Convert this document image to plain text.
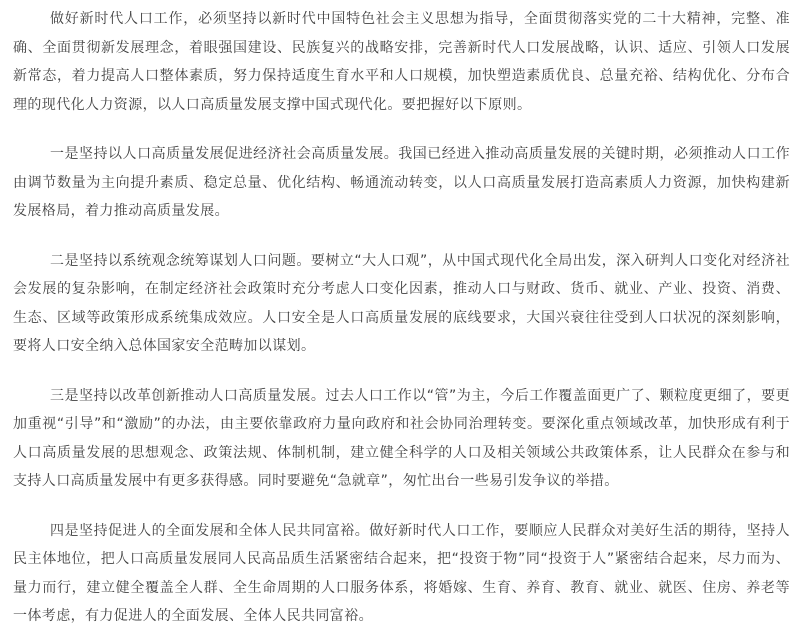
做好新时代人口工作，必须坚持以新时代中国特色社会主义思想为指导，全面贯彻落实党的二十大精神，完整、准确、全面贯彻新发展理念，着眼强国建设、民族复兴的战略安排，完善新时代人口发展战略，认识、适应、引领人口发展新常态，着力提高人口整体素质，努力保持适度生育水平和人口规模，加快塑造素质优良、总量充裕、结构优化、分布合理的现代化人力资源，以人口高质量发展支撑中国式现代化。要把握好以下原则。

一是坚持以人口高质量发展促进经济社会高质量发展。我国已经进入推动高质量发展的关键时期，必须推动人口工作由调节数量为主向提升素质、稳定总量、优化结构、畅通流动转变，以人口高质量发展打造高素质人力资源，加快构建新发展格局，着力推动高质量发展。

二是坚持以系统观念统筹谋划人口问题。要树立“大人口观”，从中国式现代化全局出发，深入研判人口变化对经济社会发展的复杂影响，在制定经济社会政策时充分考虑人口变化因素，推动人口与财政、货币、就业、产业、投资、消费、生态、区域等政策形成系统集成效应。人口安全是人口高质量发展的底线要求，大国兴衰往往受到人口状况的深刻影响，要将人口安全纳入总体国家安全范畴加以谋划。

三是坚持以改革创新推动人口高质量发展。过去人口工作以“管”为主，今后工作覆盖面更广了、颗粒度更细了，要更加重视“引导”和“激励”的办法，由主要依靠政府力量向政府和社会协同治理转变。要深化重点领域改革，加快形成有利于人口高质量发展的思想观念、政策法规、体制机制，建立健全科学的人口及相关领域公共政策体系，让人民群众在参与和支持人口高质量发展中有更多获得感。同时要避免“急就章”，匆忙出台一些易引发争议的举措。

四是坚持促进人的全面发展和全体人民共同富裕。做好新时代人口工作，要顺应人民群众对美好生活的期待，坚持人民主体地位，把人口高质量发展同人民高品质生活紧密结合起来，把“投资于物”同“投资于人”紧密结合起来，尽力而为、量力而行，建立健全覆盖全人群、全生命周期的人口服务体系，将婚嫁、生育、养育、教育、就业、就医、住房、养老等一体考虑，有力促进人的全面发展、全体人民共同富裕。
